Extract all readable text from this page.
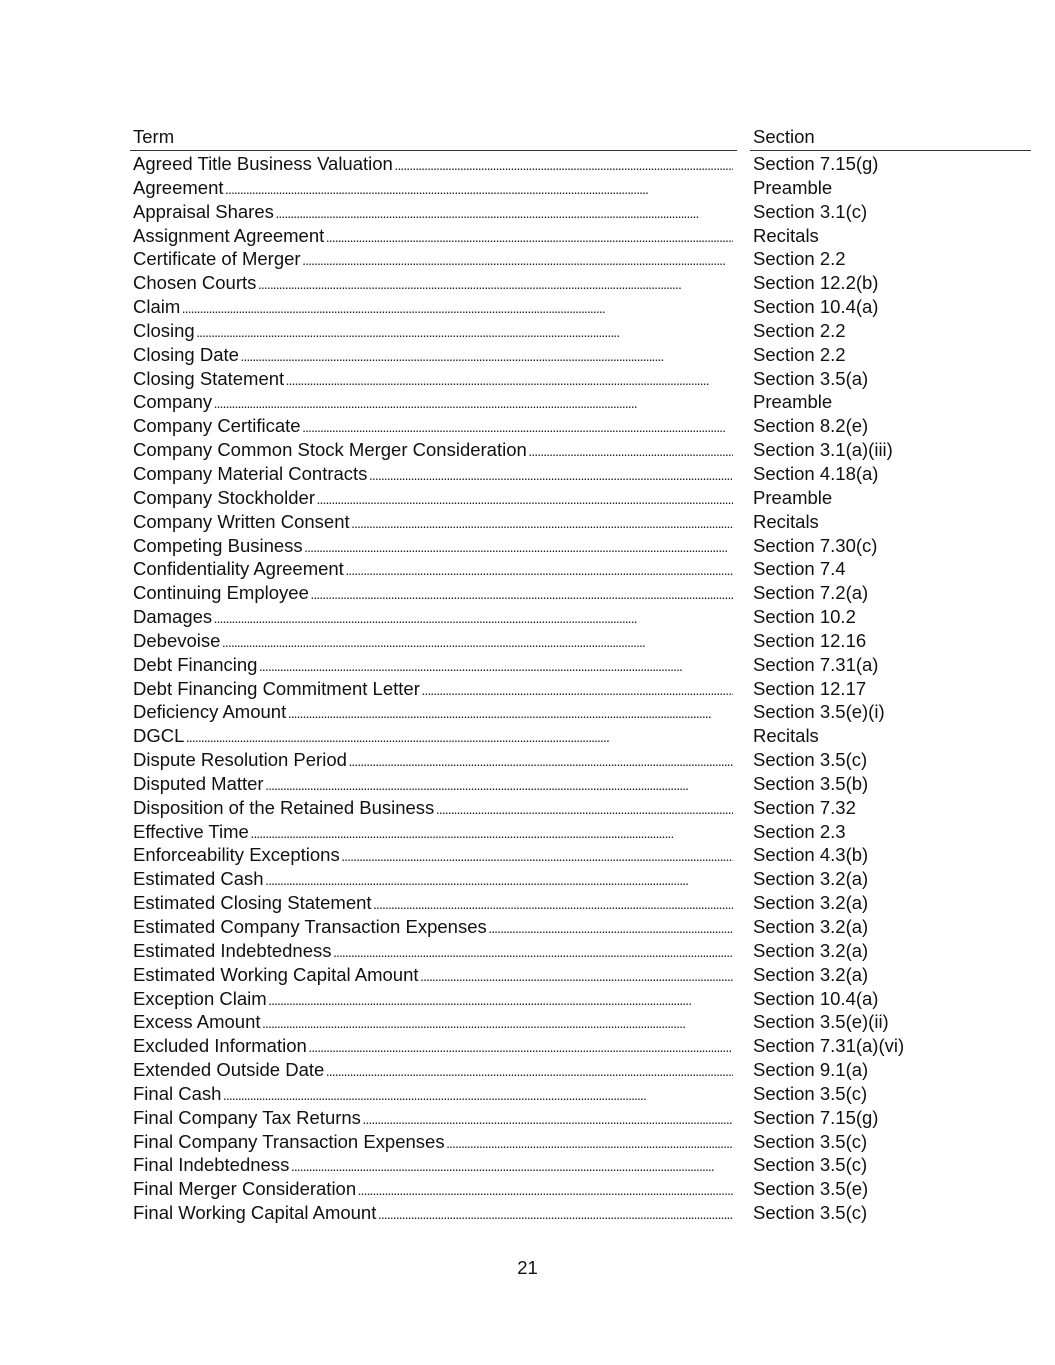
Term	Section
Agreed Title Business Valuation . . .	Section 7.15(g)
Agreement . . .	Preamble
Appraisal Shares . . .	Section 3.1(c)
Assignment Agreement . . .	Recitals
Certificate of Merger . . .	Section 2.2
Chosen Courts . . .	Section 12.2(b)
Claim . . .	Section 10.4(a)
Closing . . .	Section 2.2
Closing Date . . .	Section 2.2
Closing Statement . . .	Section 3.5(a)
Company . . .	Preamble
Company Certificate . . .	Section 8.2(e)
Company Common Stock Merger Consideration . . .	Section 3.1(a)(iii)
Company Material Contracts . . .	Section 4.18(a)
Company Stockholder . . .	Preamble
Company Written Consent . . .	Recitals
Competing Business . . .	Section 7.30(c)
Confidentiality Agreement . . .	Section 7.4
Continuing Employee . . .	Section 7.2(a)
Damages . . .	Section 10.2
Debevoise . . .	Section 12.16
Debt Financing . . .	Section 7.31(a)
Debt Financing Commitment Letter . . .	Section 12.17
Deficiency Amount . . .	Section 3.5(e)(i)
DGCL . . .	Recitals
Dispute Resolution Period . . .	Section 3.5(c)
Disputed Matter . . .	Section 3.5(b)
Disposition of the Retained Business . . .	Section 7.32
Effective Time . . .	Section 2.3
Enforceability Exceptions . . .	Section 4.3(b)
Estimated Cash . . .	Section 3.2(a)
Estimated Closing Statement . . .	Section 3.2(a)
Estimated Company Transaction Expenses . . .	Section 3.2(a)
Estimated Indebtedness . . .	Section 3.2(a)
Estimated Working Capital Amount . . .	Section 3.2(a)
Exception Claim . . .	Section 10.4(a)
Excess Amount . . .	Section 3.5(e)(ii)
Excluded Information . . .	Section 7.31(a)(vi)
Extended Outside Date . . .	Section 9.1(a)
Final Cash . . .	Section 3.5(c)
Final Company Tax Returns . . .	Section 7.15(g)
Final Company Transaction Expenses . . .	Section 3.5(c)
Final Indebtedness . . .	Section 3.5(c)
Final Merger Consideration . . .	Section 3.5(e)
Final Working Capital Amount . . .	Section 3.5(c)
21
